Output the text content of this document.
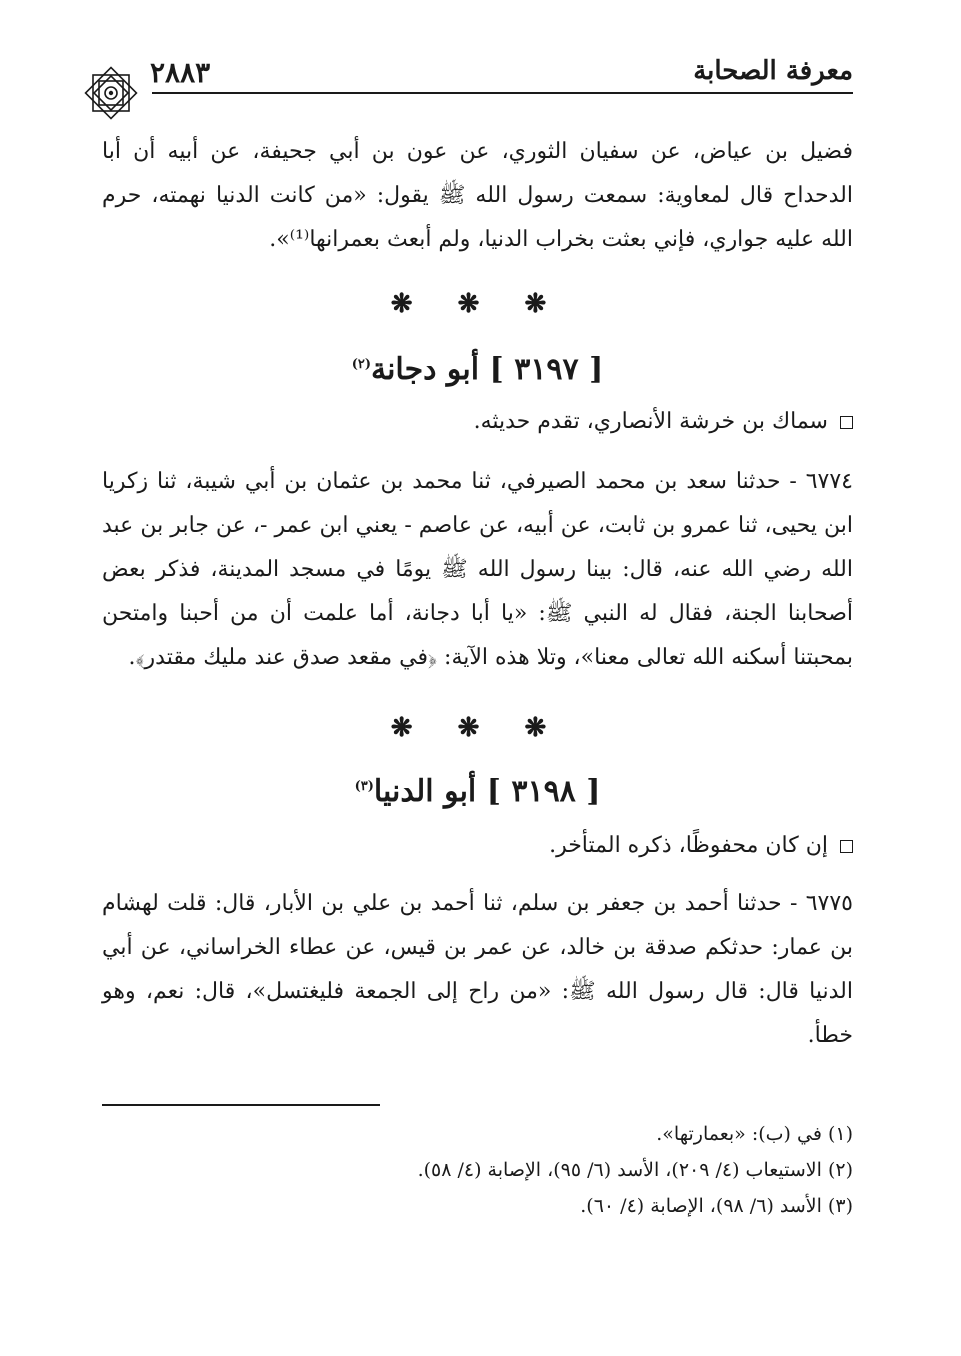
معرفة الصحابة
٢٨٨٣

فضيل بن عياض، عن سفيان الثوري، عن عون بن أبي جحيفة، عن أبيه أن أبا الدحداح قال لمعاوية: سمعت رسول الله ﷺ يقول: «من كانت الدنيا نهمته، حرم الله عليه جواري، فإني بعثت بخراب الدنيا، ولم أبعث بعمرانها⁽¹⁾».

❋ ❋ ❋
[ ٣١٩٧ ] أبو دجانة$^{(٢)}$
سماك بن خرشة الأنصاري، تقدم حديثه.

٦٧٧٤ - حدثنا سعد بن محمد الصيرفي، ثنا محمد بن عثمان بن أبي شيبة، ثنا زكريا ابن يحيى، ثنا عمرو بن ثابت، عن أبيه، عن عاصم - يعني ابن عمر -، عن جابر بن عبد الله رضي الله عنه، قال: بينا رسول الله ﷺ يومًا في مسجد المدينة، فذكر بعض أصحابنا الجنة، فقال له النبي ﷺ: «يا أبا دجانة، أما علمت أن من أحبنا وامتحن بمحبتنا أسكنه الله تعالى معنا»، وتلا هذه الآية: ﴿في مقعد صدق عند مليك مقتدر﴾.

❋ ❋ ❋
[ ٣١٩٨ ] أبو الدنيا$^{(٣)}$
إن كان محفوظًا، ذكره المتأخر.

٦٧٧٥ - حدثنا أحمد بن جعفر بن سلم، ثنا أحمد بن علي بن الأبار، قال: قلت لهشام بن عمار: حدثكم صدقة بن خالد، عن عمر بن قيس، عن عطاء الخراساني، عن أبي الدنيا قال: قال رسول الله ﷺ: «من راح إلى الجمعة فليغتسل»، قال: نعم، وهو خطأ.

(١) في (ب): «بعمارتها».
(٢) الاستيعاب (٤/ ٢٠٩)، الأسد (٦/ ٩٥)، الإصابة (٤/ ٥٨).
(٣) الأسد (٦/ ٩٨)، الإصابة (٤/ ٦٠).
